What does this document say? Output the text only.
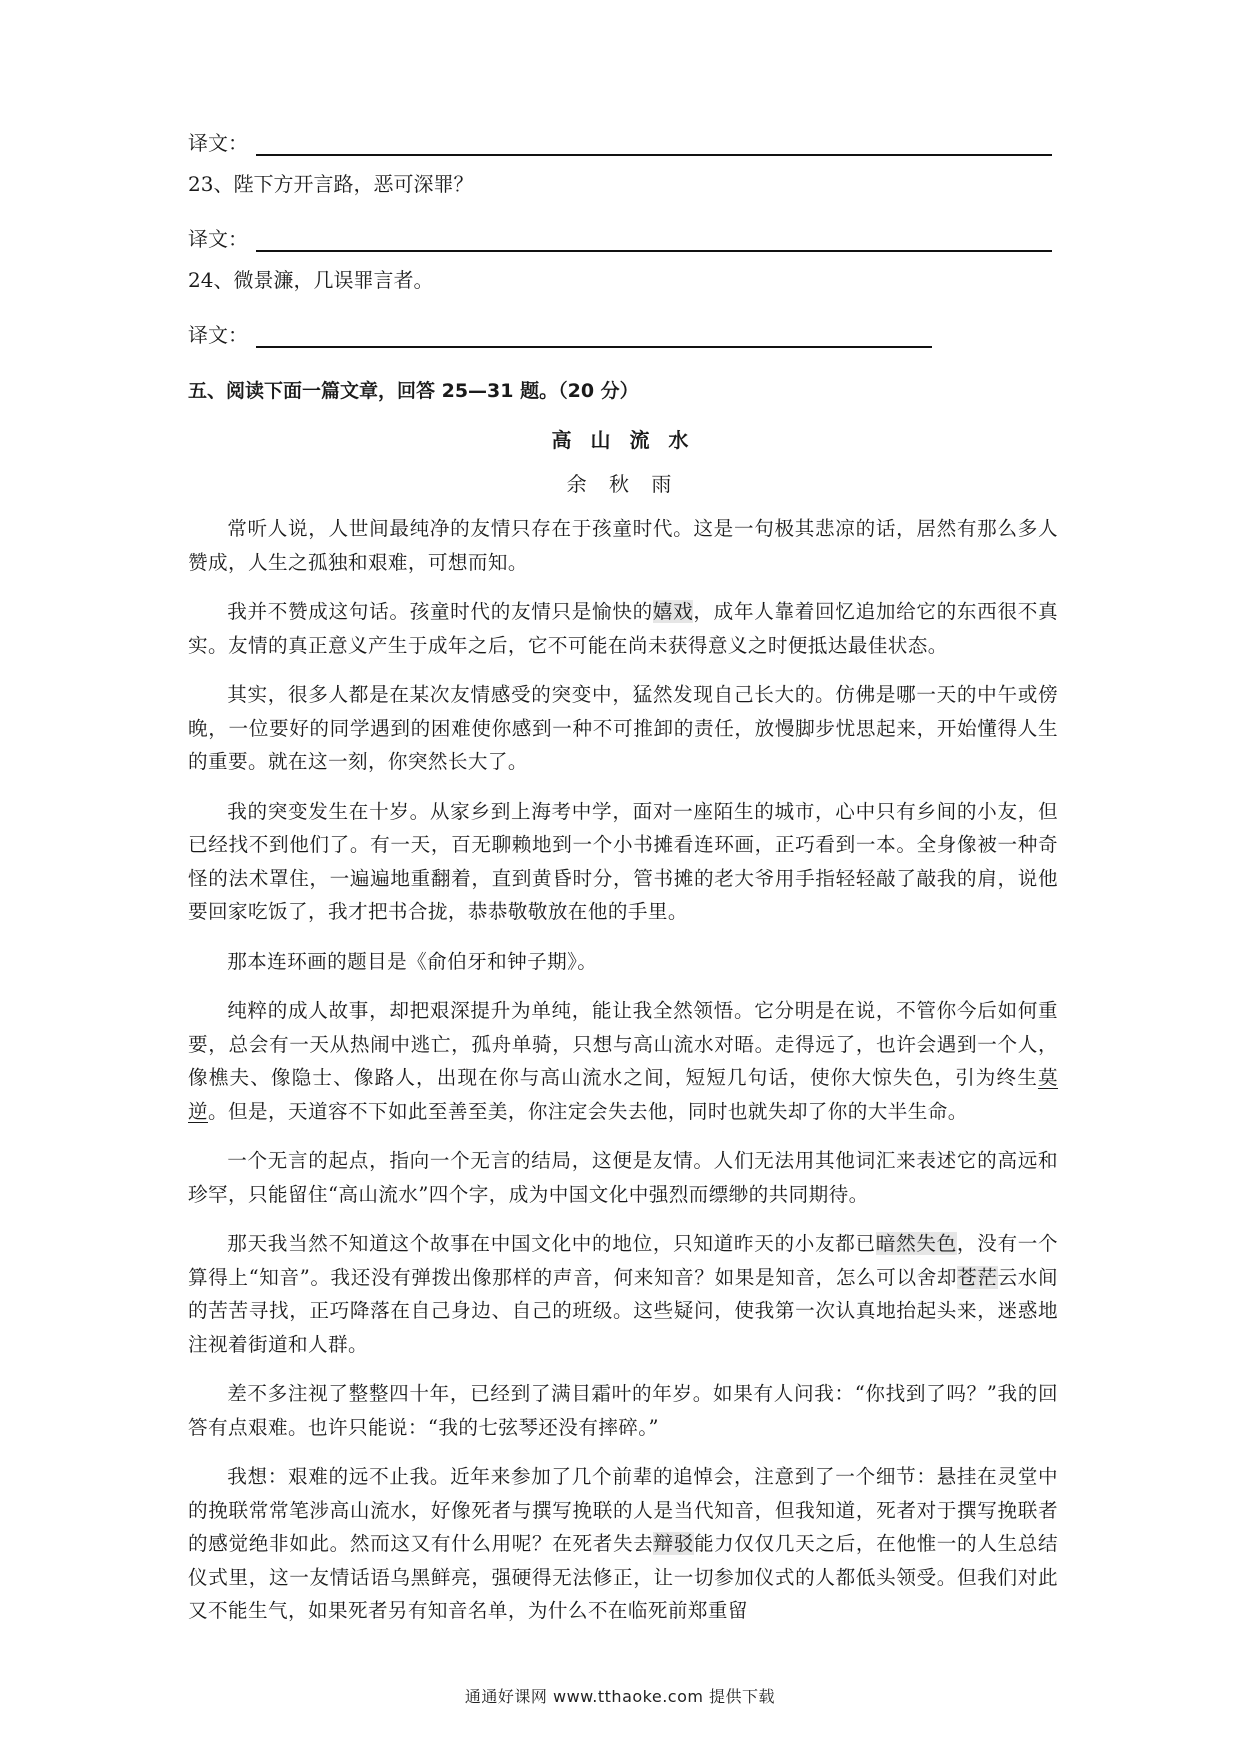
译文：
23、陛下方开言路，恶可深罪？
译文：
24、微景濂，几误罪言者。
译文：
五、阅读下面一篇文章，回答 25—31 题。（20 分）
高 山 流 水
余 秋 雨

常听人说，人世间最纯净的友情只存在于孩童时代。这是一句极其悲凉的话，居然有那么多人赞成，人生之孤独和艰难，可想而知。

我并不赞成这句话。孩童时代的友情只是愉快的嬉戏，成年人靠着回忆追加给它的东西很不真实。友情的真正意义产生于成年之后，它不可能在尚未获得意义之时便抵达最佳状态。

其实，很多人都是在某次友情感受的突变中，猛然发现自己长大的。仿佛是哪一天的中午或傍晚，一位要好的同学遇到的困难使你感到一种不可推卸的责任，放慢脚步忧思起来，开始懂得人生的重要。就在这一刻，你突然长大了。

我的突变发生在十岁。从家乡到上海考中学，面对一座陌生的城市，心中只有乡间的小友，但已经找不到他们了。有一天，百无聊赖地到一个小书摊看连环画，正巧看到一本。全身像被一种奇怪的法术罩住，一遍遍地重翻着，直到黄昏时分，管书摊的老大爷用手指轻轻敲了敲我的肩，说他要回家吃饭了，我才把书合拢，恭恭敬敬放在他的手里。

那本连环画的题目是《俞伯牙和钟子期》。

纯粹的成人故事，却把艰深提升为单纯，能让我全然领悟。它分明是在说，不管你今后如何重要，总会有一天从热闹中逃亡，孤舟单骑，只想与高山流水对晤。走得远了，也许会遇到一个人，像樵夫、像隐士、像路人，出现在你与高山流水之间，短短几句话，使你大惊失色，引为终生莫逆。但是，天道容不下如此至善至美，你注定会失去他，同时也就失却了你的大半生命。

一个无言的起点，指向一个无言的结局，这便是友情。人们无法用其他词汇来表述它的高远和珍罕，只能留住“高山流水”四个字，成为中国文化中强烈而缥缈的共同期待。

那天我当然不知道这个故事在中国文化中的地位，只知道昨天的小友都已暗然失色，没有一个算得上“知音”。我还没有弹拨出像那样的声音，何来知音？如果是知音，怎么可以舍却苍茫云水间的苦苦寻找，正巧降落在自己身边、自己的班级。这些疑问，使我第一次认真地抬起头来，迷惑地注视着街道和人群。

差不多注视了整整四十年，已经到了满目霜叶的年岁。如果有人问我：“你找到了吗？”我的回答有点艰难。也许只能说：“我的七弦琴还没有摔碎。”

我想：艰难的远不止我。近年来参加了几个前辈的追悼会，注意到了一个细节：悬挂在灵堂中的挽联常常笔涉高山流水，好像死者与撰写挽联的人是当代知音，但我知道，死者对于撰写挽联者的感觉绝非如此。然而这又有什么用呢？在死者失去辩驳能力仅仅几天之后，在他惟一的人生总结仪式里，这一友情话语乌黑鲜亮，强硬得无法修正，让一切参加仪式的人都低头领受。但我们对此又不能生气，如果死者另有知音名单，为什么不在临死前郑重留

通通好课网 www.tthaoke.com 提供下载
